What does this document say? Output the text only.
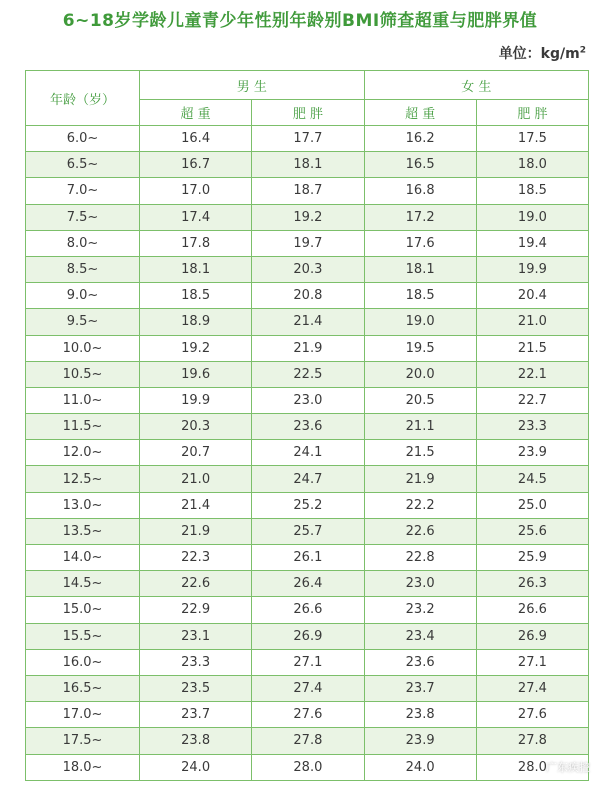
6~18岁学龄儿童青少年性别年龄别BMI筛查超重与肥胖界值
单位：$kg/m^2$
年龄（岁）	男 生		女 生	
	超 重	肥 胖	超 重	肥 胖
6.0~	16.4	17.7	16.2	17.5
6.5~	16.7	18.1	16.5	18.0
7.0~	17.0	18.7	16.8	18.5
7.5~	17.4	19.2	17.2	19.0
8.0~	17.8	19.7	17.6	19.4
8.5~	18.1	20.3	18.1	19.9
9.0~	18.5	20.8	18.5	20.4
9.5~	18.9	21.4	19.0	21.0
10.0~	19.2	21.9	19.5	21.5
10.5~	19.6	22.5	20.0	22.1
11.0~	19.9	23.0	20.5	22.7
11.5~	20.3	23.6	21.1	23.3
12.0~	20.7	24.1	21.5	23.9
12.5~	21.0	24.7	21.9	24.5
13.0~	21.4	25.2	22.2	25.0
13.5~	21.9	25.7	22.6	25.6
14.0~	22.3	26.1	22.8	25.9
14.5~	22.6	26.4	23.0	26.3
15.0~	22.9	26.6	23.2	26.6
15.5~	23.1	26.9	23.4	26.9
16.0~	23.3	27.1	23.6	27.1
16.5~	23.5	27.4	23.7	27.4
17.0~	23.7	27.6	23.8	27.6
17.5~	23.8	27.8	23.9	27.8
18.0~	24.0	28.0	24.0	28.0 广东疾控
